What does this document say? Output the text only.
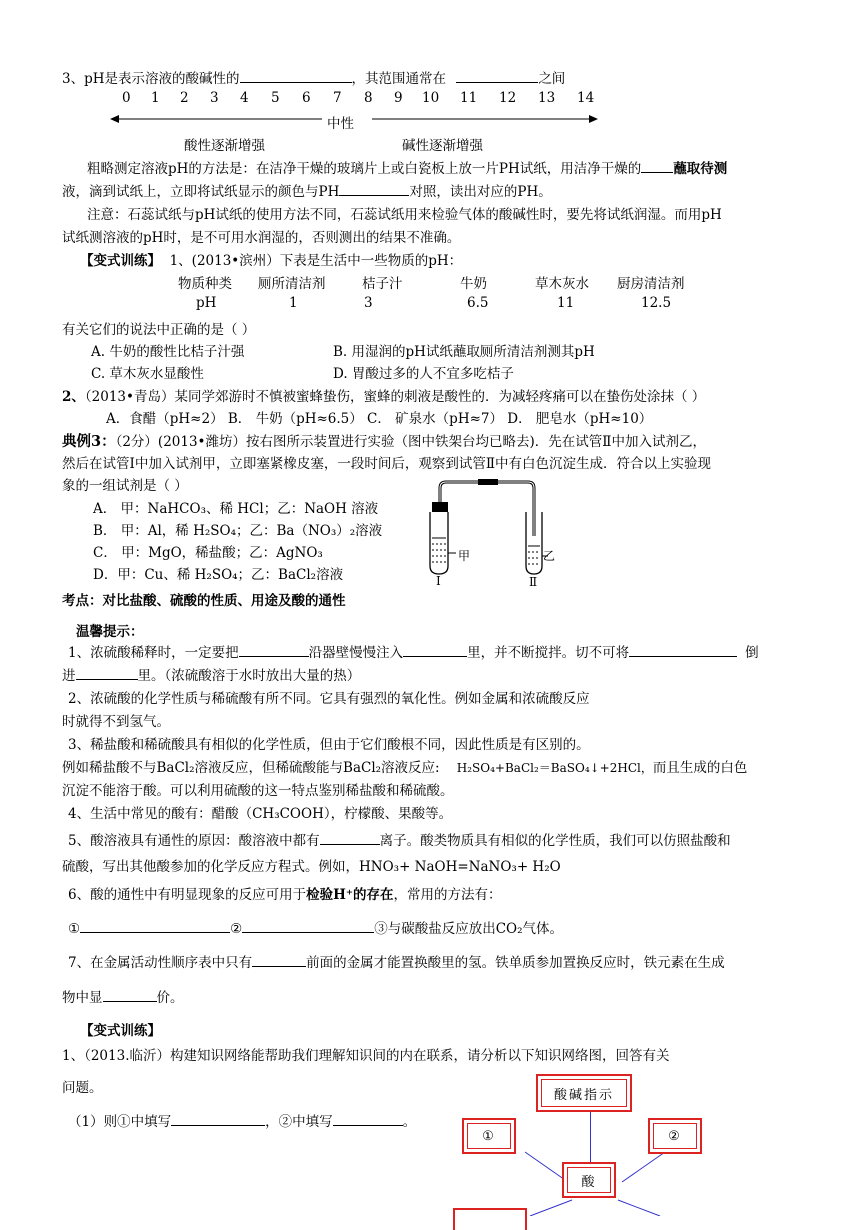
3、pH是表示溶液的酸碱性的	，其范围通常在	之间
0 1 2 3 4 5 6 7 8 9 10 11 12 13 14
中性
酸性逐渐增强	碱性逐渐增强
粗略测定溶液pH的方法是：在洁净干燥的玻璃片上或白瓷板上放一片PH试纸，用洁净干燥的 蘸取待测
液，滴到试纸上，立即将试纸显示的颜色与PH	对照，读出对应的PH。
注意：石蕊试纸与pH试纸的使用方法不同，石蕊试纸用来检验气体的酸碱性时，要先将试纸润湿。而用pH
试纸测溶液的pH时，是不可用水润湿的，否则测出的结果不准确。
【变式训练】 1、(2013•滨州）下表是生活中一些物质的pH：
物质种类 厕所清洁剂	桔子汁	牛奶	草木灰水 厨房清洁剂
pH	1	3	6.5	11	12.5
有关它们的说法中正确的是（ ）
A. 牛奶的酸性比桔子汁强	B. 用湿润的pH试纸蘸取厕所清洁剂测其pH
C. 草木灰水显酸性	D. 胃酸过多的人不宜多吃桔子
2、（2013•青岛）某同学郊游时不慎被蜜蜂蛰伤，蜜蜂的刺液是酸性的．为减轻疼痛可以在蛰伤处涂抹（ ）
A．食醋（pH≈2） B． 牛奶（pH≈6.5） C． 矿泉水（pH≈7） D． 肥皂水（pH≈10）
典例3：（2分）(2013•潍坊）按右图所示装置进行实验（图中铁架台均已略去)．先在试管Ⅱ中加入试剂乙，
然后在试管Ⅰ中加入试剂甲，立即塞紧橡皮塞，一段时间后，观察到试管Ⅱ中有白色沉淀生成．符合以上实验现
象的一组试剂是（ ）
A． 甲：NaHCO₃、稀 HCl；乙：NaOH 溶液
B． 甲：Al，稀 H₂SO₄；乙：Ba（NO₃）₂溶液
C． 甲：MgO，稀盐酸；乙：AgNO₃
D．甲：Cu、稀 H₂SO₄；乙：BaCl₂溶液
甲	乙
I	Ⅱ
考点：对比盐酸、硫酸的性质、用途及酸的通性
温馨提示：
1、浓硫酸稀释时，一定要把	沿器壁慢慢注入	里，并不断搅拌。切不可将	倒
进	里。（浓硫酸溶于水时放出大量的热）
2、浓硫酸的化学性质与稀硫酸有所不同。它具有强烈的氧化性。例如金属和浓硫酸反应
时就得不到氢气。
3、稀盐酸和稀硫酸具有相似的化学性质，但由于它们酸根不同，因此性质是有区别的。
例如稀盐酸不与BaCl₂溶液反应，但稀硫酸能与BaCl₂溶液反应: H₂SO₄+BaCl₂＝BaSO₄↓+2HCl，而且生成的白色
沉淀不能溶于酸。可以利用硫酸的这一特点鉴别稀盐酸和稀硫酸。
4、生活中常见的酸有：醋酸（CH₃COOH），柠檬酸、果酸等。
5、酸溶液具有通性的原因：酸溶液中都有	离子。酸类物质具有相似的化学性质，我们可以仿照盐酸和
硫酸，写出其他酸参加的化学反应方程式。例如，HNO₃+ NaOH=NaNO₃+ H₂O
6、酸的通性中有明显现象的反应可用于检验H⁺的存在，常用的方法有：
①	②	③与碳酸盐反应放出CO₂气体。
7、在金属活动性顺序表中只有	前面的金属才能置换酸里的氢。铁单质参加置换反应时，铁元素在生成
物中显	价。
【变式训练】
1、（2013.临沂）构建知识网络能帮助我们理解知识间的内在联系，请分析以下知识网络图，回答有关
问题。
（1）则①中填写	，②中填写	。
酸碱指示
①	②
酸
